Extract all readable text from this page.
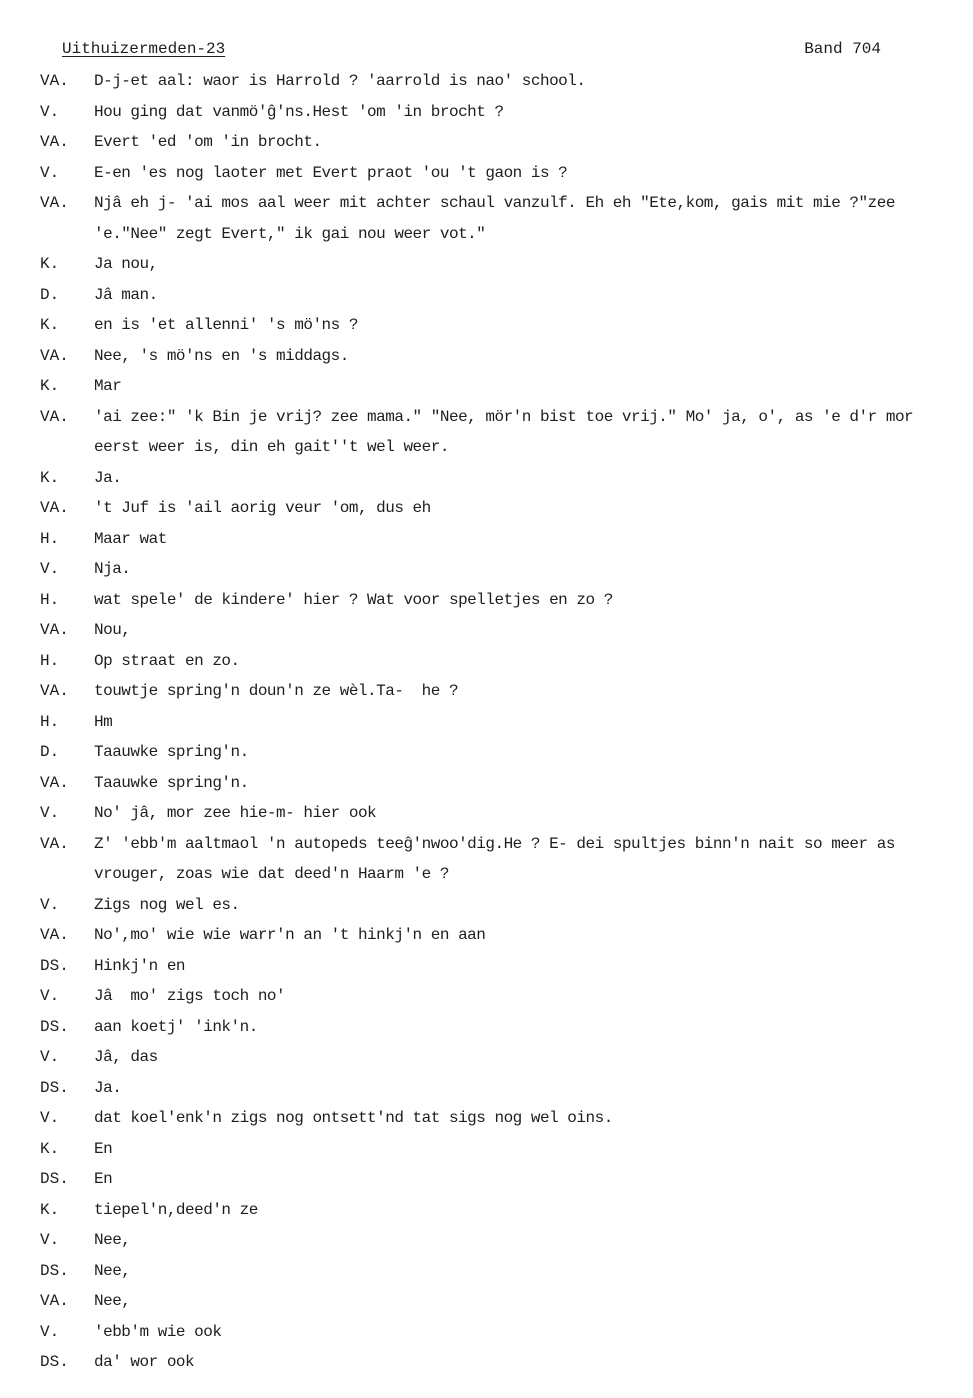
Uithuizermeden-23	Band 704
VA.	D-j-et aal: waor is Harrold ? 'aarrold is nao' school.
V.	Hou ging dat vanmö'ĝ'ns.Hest 'om 'in brocht ?
VA.	Evert 'ed 'om 'in brocht.
V.	E-en 'es nog laoter met Evert praot 'ou 't gaon is ?
VA.	Njâ eh j- 'ai mos aal weer mit achter schaul vanzulf. Eh eh "Ete,kom, gais mit mie ?"zee 'e."Nee" zegt Evert," ik gai nou weer vot."
K.	Ja nou,
D.	Jâ man.
K.	en is 'et allenni' 's mö'ns ?
VA.	Nee, 's mö'ns en 's middags.
K.	Mar
VA.	'ai zee:" 'k Bin je vrij? zee mama." "Nee, mör'n bist toe vrij." Mo' ja, o', as 'e d'r mor eerst weer is, din eh gait''t wel weer.
K.	Ja.
VA.	't Juf is 'ail aorig veur 'om, dus eh
H.	Maar wat
V.	Nja.
H.	wat spele' de kindere' hier ? Wat voor spelletjes en zo ?
VA.	Nou,
H.	Op straat en zo.
VA.	touwtje spring'n doun'n ze wèl.Ta-  he ?
H.	Hm
D.	Taauwke spring'n.
VA.	Taauwke spring'n.
V.	No' jâ, mor zee hie-m- hier ook
VA.	Z' 'ebb'm aaltmaol 'n autopeds teeĝ'nwoo'dig.He ? E- dei spultjes binn'n nait so meer as vrouger, zoas wie dat deed'n Haarm 'e ?
V.	Zigs nog wel es.
VA.	No',mo' wie wie warr'n an 't hinkj'n en aan
DS.	Hinkj'n en
V.	Jâ  mo' zigs toch no'
DS.	aan koetj' 'ink'n.
V.	Jâ, das
DS.	Ja.
V.	dat koel'enk'n zigs nog ontsett'nd tat sigs nog wel oins.
K.	En
DS.	En
K.	tiepel'n,deed'n ze
V.	Nee,
DS.	Nee,
VA.	Nee,
V.	'ebb'm wie ook
DS.	da' wor ook
